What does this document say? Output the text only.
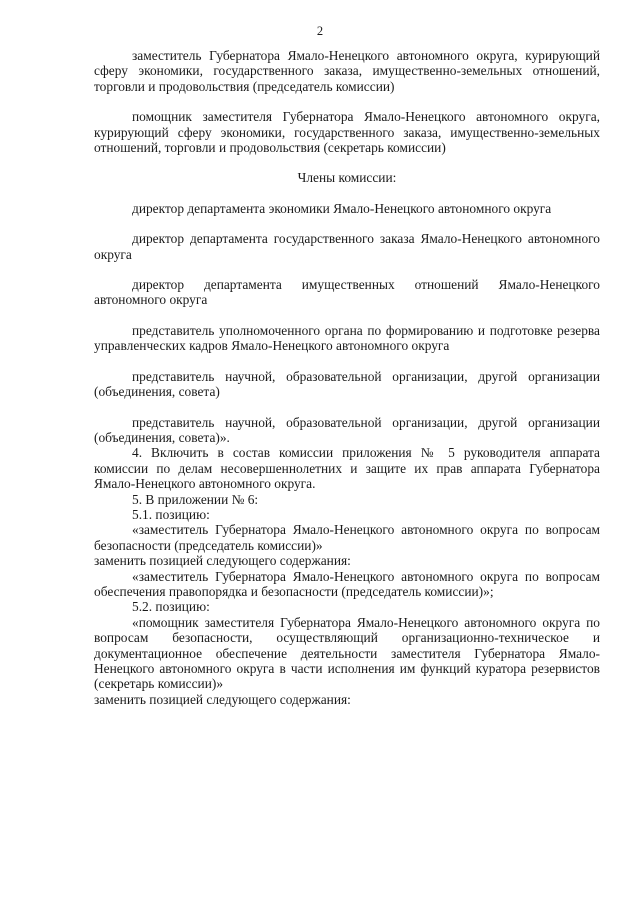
2

заместитель Губернатора Ямало-Ненецкого автономного округа, курирующий сферу экономики, государственного заказа, имущественно-земельных отношений, торговли и продовольствия (председатель комиссии)

помощник заместителя Губернатора Ямало-Ненецкого автономного округа, курирующий сферу экономики, государственного заказа, имущественно-земельных отношений, торговли и продовольствия (секретарь комиссии)

Члены комиссии:

директор департамента экономики Ямало-Ненецкого автономного округа

директор департамента государственного заказа Ямало-Ненецкого автономного округа

директор департамента имущественных отношений Ямало-Ненецкого автономного округа

представитель уполномоченного органа по формированию и подготовке резерва управленческих кадров Ямало-Ненецкого автономного округа

представитель научной, образовательной организации, другой организации (объединения, совета)

представитель научной, образовательной организации, другой организации (объединения, совета)».

4. Включить в состав комиссии приложения № 5 руководителя аппарата комиссии по делам несовершеннолетних и защите их прав аппарата Губернатора Ямало-Ненецкого автономного округа.

5. В приложении № 6:

5.1. позицию:

«заместитель Губернатора Ямало-Ненецкого автономного округа по вопросам безопасности (председатель комиссии)»

заменить позицией следующего содержания:

«заместитель Губернатора Ямало-Ненецкого автономного округа по вопросам обеспечения правопорядка и безопасности (председатель комиссии)»;

5.2. позицию:

«помощник заместителя Губернатора Ямало-Ненецкого автономного округа по вопросам безопасности, осуществляющий организационно-техническое и документационное обеспечение деятельности заместителя Губернатора Ямало-Ненецкого автономного округа в части исполнения им функций куратора резервистов (секретарь комиссии)»

заменить позицией следующего содержания:
